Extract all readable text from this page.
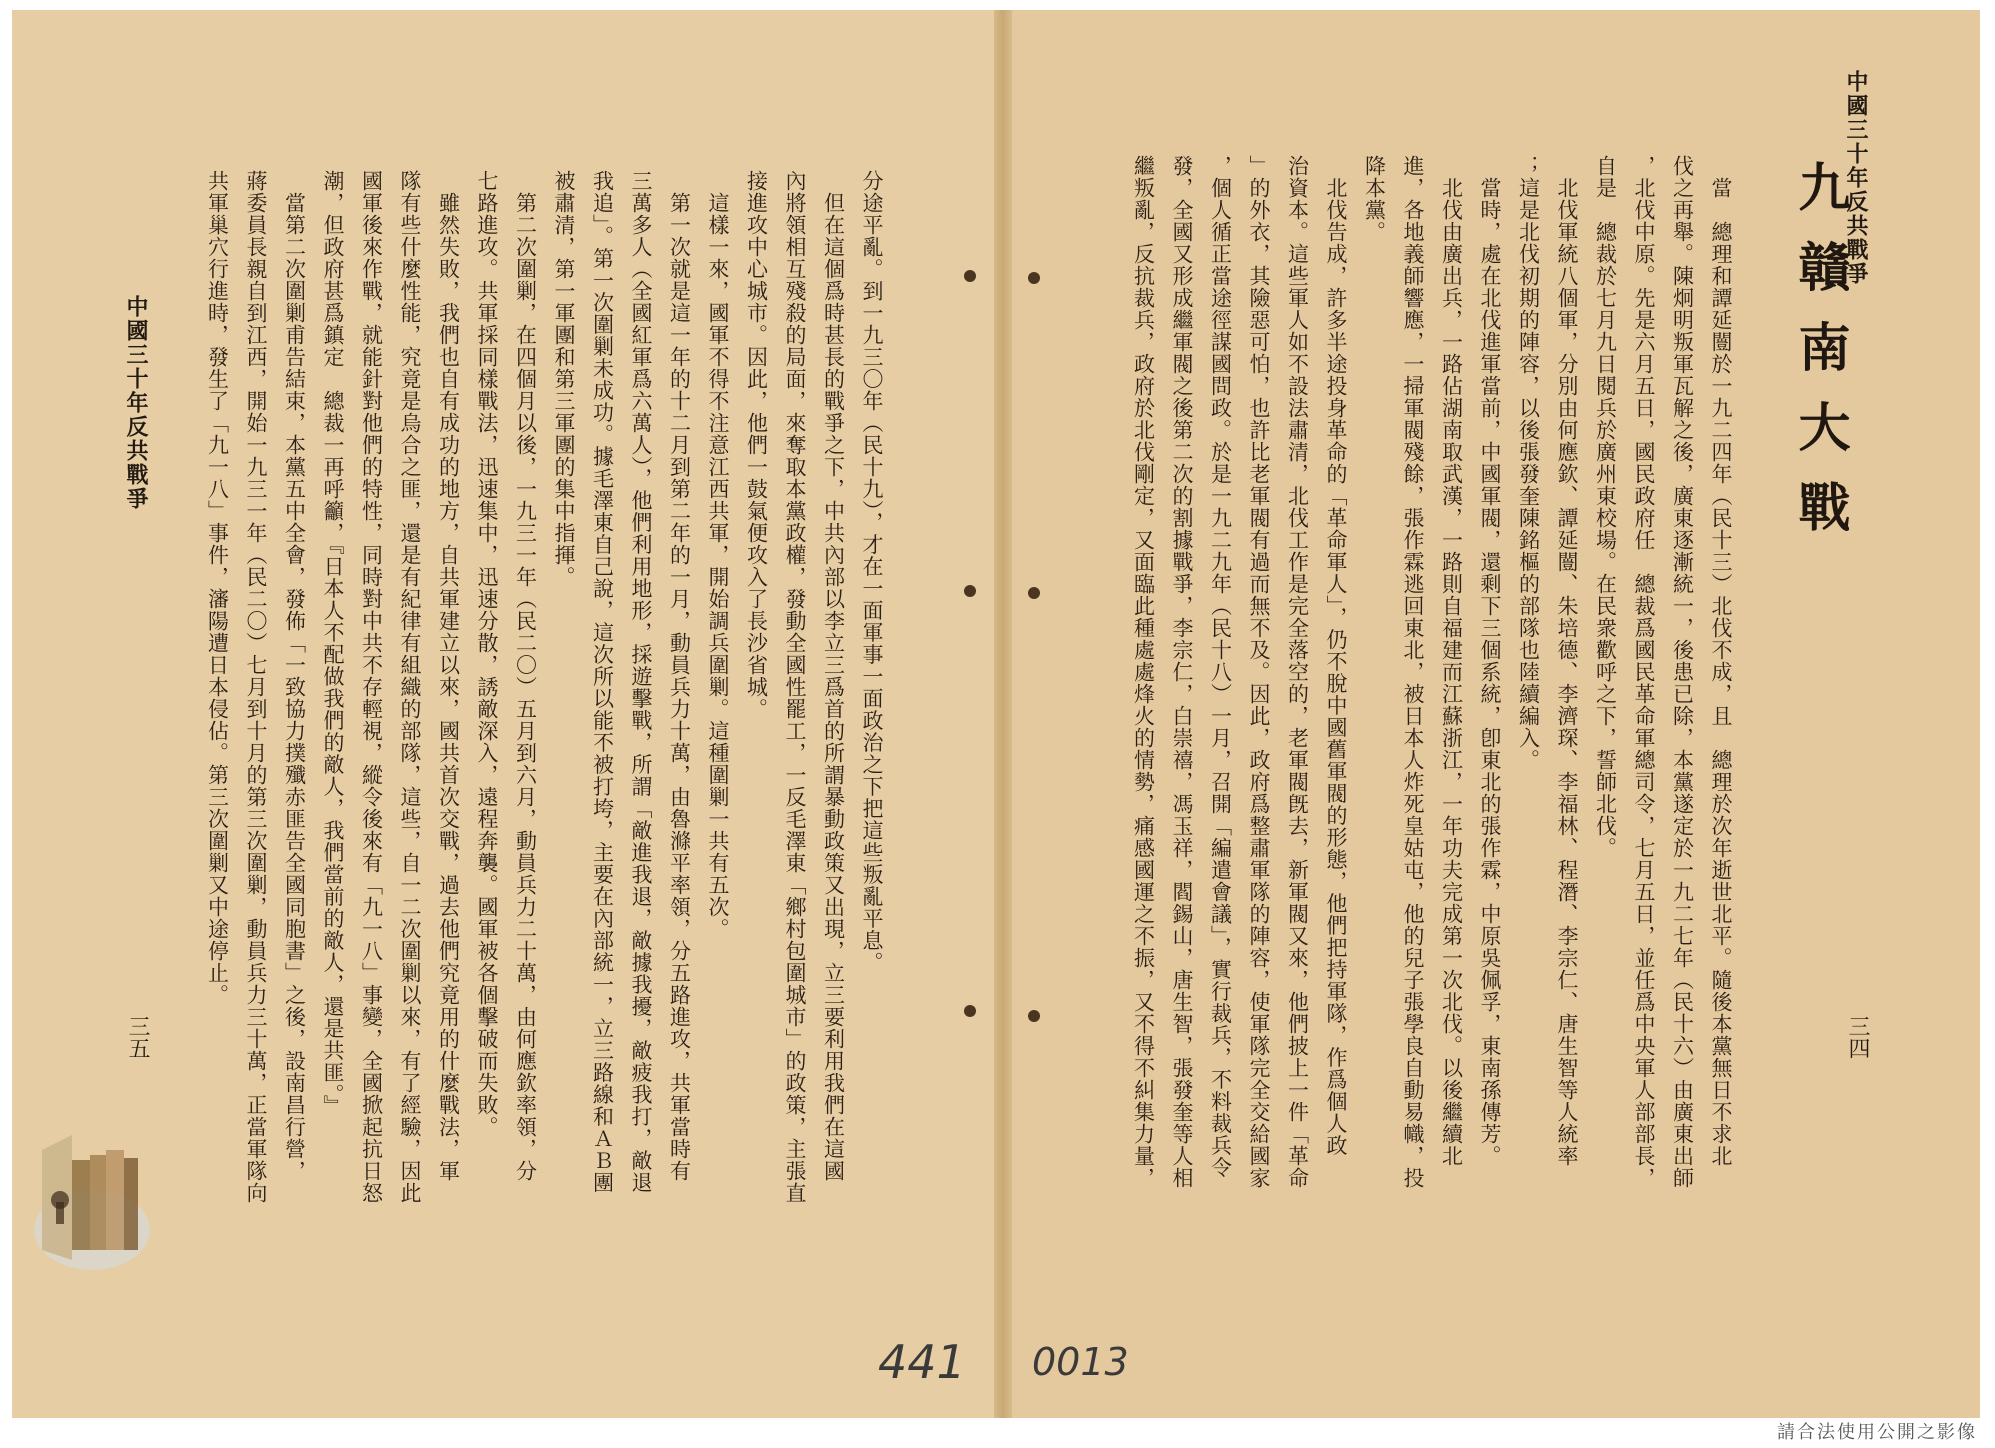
中國三十年反共戰爭
三五
中國三十年反共戰爭
三四
九贛南大戰
分途平亂。到一九三〇年（民十九），才在一面軍事一面政治之下把這些叛亂平息。
　但在這個爲時甚長的戰爭之下，中共內部以李立三爲首的所謂暴動政策又出現，立三要利用我們在這國
內將領相互殘殺的局面，來奪取本黨政權，發動全國性罷工，一反毛澤東「鄉村包圍城市」的政策，主張直
接進攻中心城市。因此，他們一鼓氣便攻入了長沙省城。
　這樣一來，國軍不得不注意江西共軍，開始調兵圍剿。這種圍剿一共有五次。
　第一次就是這一年的十二月到第二年的一月，動員兵力十萬，由魯滌平率領，分五路進攻，共軍當時有
三萬多人（全國紅軍爲六萬人），他們利用地形，採遊擊戰，所謂「敵進我退，敵據我擾，敵疲我打，敵退
我追」。第一次圍剿未成功。據毛澤東自己說，這次所以能不被打垮，主要在內部統一，立三路線和ＡＢ團
被肅清，第一軍團和第三軍團的集中指揮。
　第二次圍剿，在四個月以後，一九三一年（民二〇）五月到六月，動員兵力二十萬，由何應欽率領，分
七路進攻。共軍採同樣戰法，迅速集中，迅速分散，誘敵深入，遠程奔襲。國軍被各個擊破而失敗。
　雖然失敗，我們也自有成功的地方，自共軍建立以來，國共首次交戰，過去他們究竟用的什麼戰法，軍
隊有些什麼性能，究竟是烏合之匪，還是有紀律有組織的部隊，這些，自一二次圍剿以來，有了經驗，因此
國軍後來作戰，就能針對他們的特性，同時對中共不存輕視，縱令後來有「九一八」事變，全國掀起抗日怒
潮，但政府甚爲鎮定　總裁一再呼籲，『日本人不配做我們的敵人，我們當前的敵人，還是共匪。』
　當第二次圍剿甫告結束，本黨五中全會，發佈「一致協力撲殲赤匪告全國同胞書」之後，設南昌行營，
蔣委員長親自到江西，開始一九三一年（民二〇）七月到十月的第三次圍剿，動員兵力三十萬，正當軍隊向
共軍巢穴行進時，發生了「九一八」事件，瀋陽遭日本侵佔。第三次圍剿又中途停止。	　當　總理和譚延闓於一九二四年（民十三）北伐不成，且　總理於次年逝世北平。隨後本黨無日不求北
伐之再舉。陳炯明叛軍瓦解之後，廣東逐漸統一，後患已除，本黨遂定於一九二七年（民十六）由廣東出師
，北伐中原。先是六月五日，國民政府任　總裁爲國民革命軍總司令，七月五日，並任爲中央軍人部部長，
自是　總裁於七月九日閱兵於廣州東校場。在民衆歡呼之下，誓師北伐。
　北伐軍統八個軍，分別由何應欽、譚延闓、朱培德、李濟琛、李福林、程潛、李宗仁、唐生智等人統率
；這是北伐初期的陣容，以後張發奎陳銘樞的部隊也陸續編入。
　當時，處在北伐進軍當前，中國軍閥，還剩下三個系統，卽東北的張作霖，中原吳佩孚，東南孫傳芳。
　北伐由廣出兵，一路佔湖南取武漢，一路則自福建而江蘇浙江，一年功夫完成第一次北伐。以後繼續北
進，各地義師響應，一掃軍閥殘餘，張作霖逃回東北，被日本人炸死皇姑屯，他的兒子張學良自動易幟，投
降本黨。
　北伐告成，許多半途投身革命的「革命軍人」，仍不脫中國舊軍閥的形態，他們把持軍隊，作爲個人政
治資本。這些軍人如不設法肅清，北伐工作是完全落空的，老軍閥旣去，新軍閥又來，他們披上一件「革命
」的外衣，其險惡可怕，也許比老軍閥有過而無不及。因此，政府爲整肅軍隊的陣容，使軍隊完全交給國家
，個人循正當途徑謀國問政。於是一九二九年（民十八）一月，召開「編遣會議」，實行裁兵，不料裁兵令
發，全國又形成繼軍閥之後第二次的割據戰爭，李宗仁，白崇禧，馮玉祥，閻錫山，唐生智，張發奎等人相
繼叛亂，反抗裁兵，政府於北伐剛定，又面臨此種處處烽火的情勢，痛感國運之不振，又不得不糾集力量，
441 0013
請合法使用公開之影像
